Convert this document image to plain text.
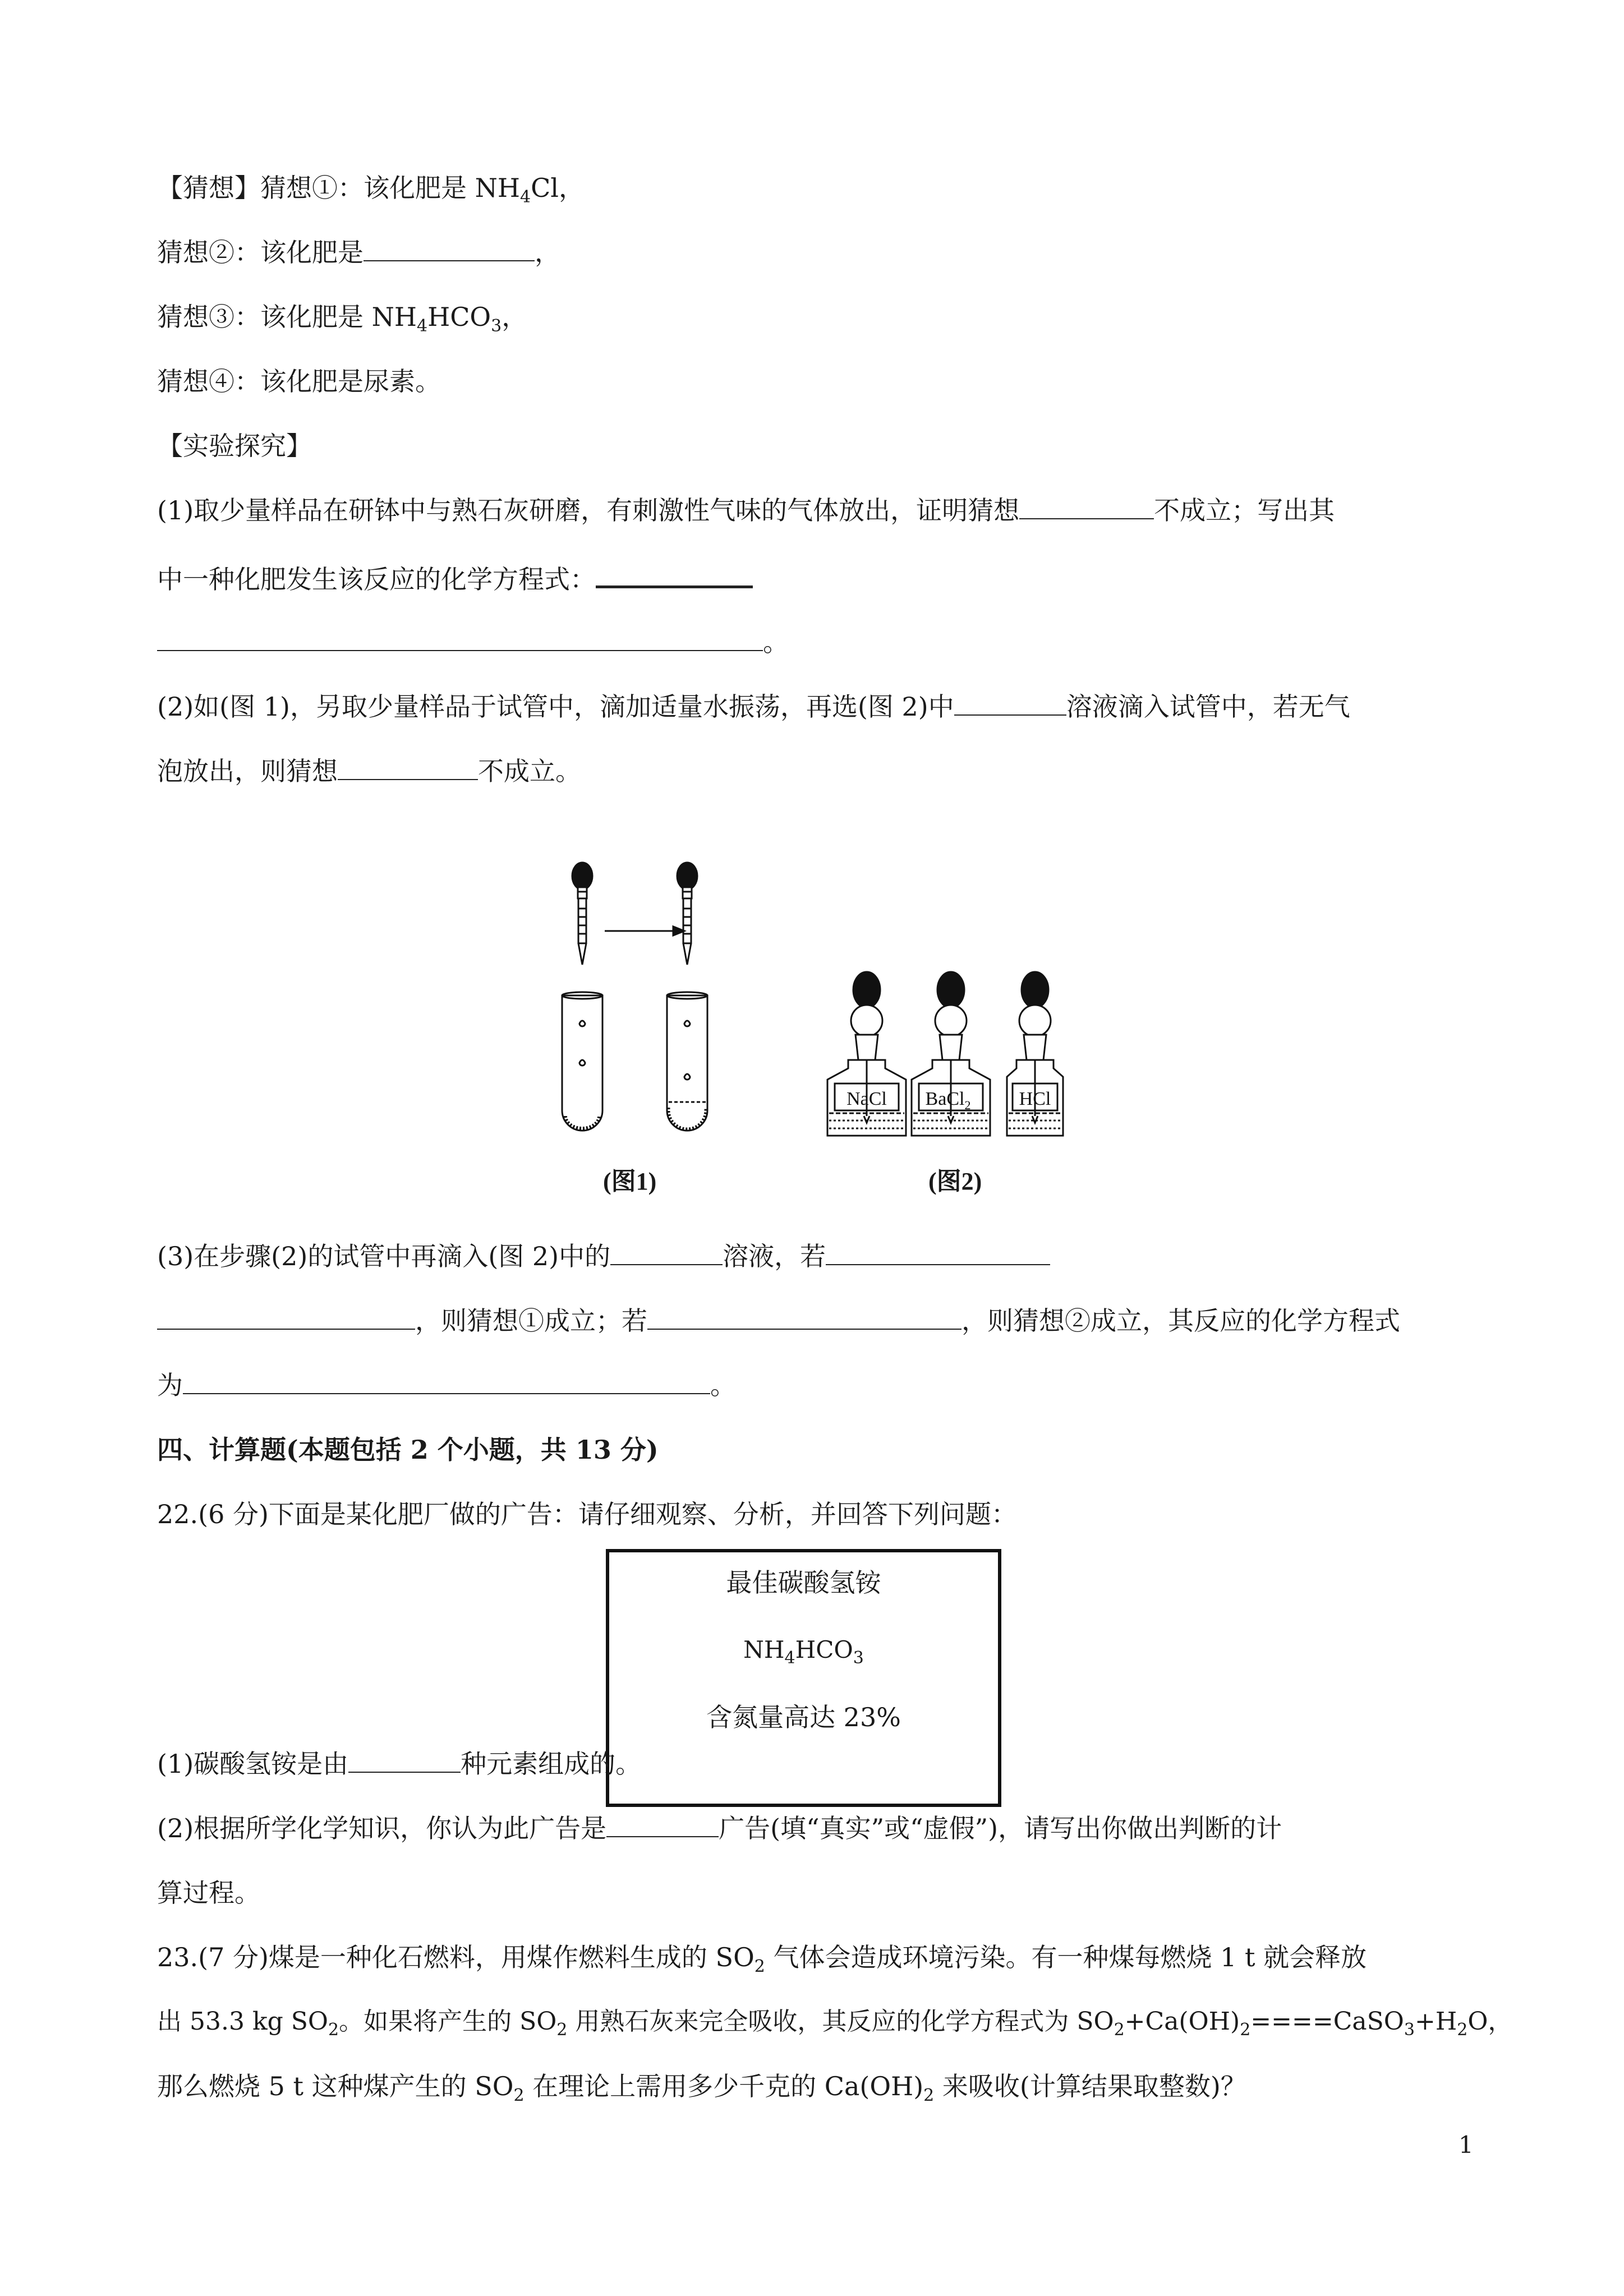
【猜想】猜想①：该化肥是 $NH_4Cl$，
猜想②：该化肥是	，
猜想③：该化肥是 $NH_4HCO_3$，
猜想④：该化肥是尿素。
【实验探究】
(1)取少量样品在研钵中与熟石灰研磨，有刺激性气味的气体放出，证明猜想	不成立；写出其
中一种化肥发生该反应的化学方程式：
。
(2)如(图 1)，另取少量样品于试管中，滴加适量水振荡，再选(图 2)中	溶液滴入试管中，若无气
泡放出，则猜想	不成立。
NaCl BaCl$_2$	HCl
(图1)	(图2)
(3)在步骤(2)的试管中再滴入(图 2)中的	溶液，若
，则猜想①成立；若	，则猜想②成立，其反应的化学方程式
为	。
四、计算题(本题包括 2 个小题，共 13 分)
22.(6 分)下面是某化肥厂做的广告：请仔细观察、分析，并回答下列问题：
最佳碳酸氢铵
$NH_4HCO_3$
含氮量高达 23%
(1)碳酸氢铵是由	种元素组成的。
(2)根据所学化学知识，你认为此广告是	广告(填“真实”或“虚假”)，请写出你做出判断的计
算过程。
23.(7 分)煤是一种化石燃料，用煤作燃料生成的 $SO_2$ 气体会造成环境污染。有一种煤每燃烧 1 t 就会释放
出 53.3 kg $SO_2$。如果将产生的 $SO_2$ 用熟石灰来完全吸收，其反应的化学方程式为 $SO_2+Ca(OH)_2====CaSO_3+H_2O$，
那么燃烧 5 t 这种煤产生的 $SO_2$ 在理论上需用多少千克的 $Ca(OH)_2$ 来吸收(计算结果取整数)？
1
